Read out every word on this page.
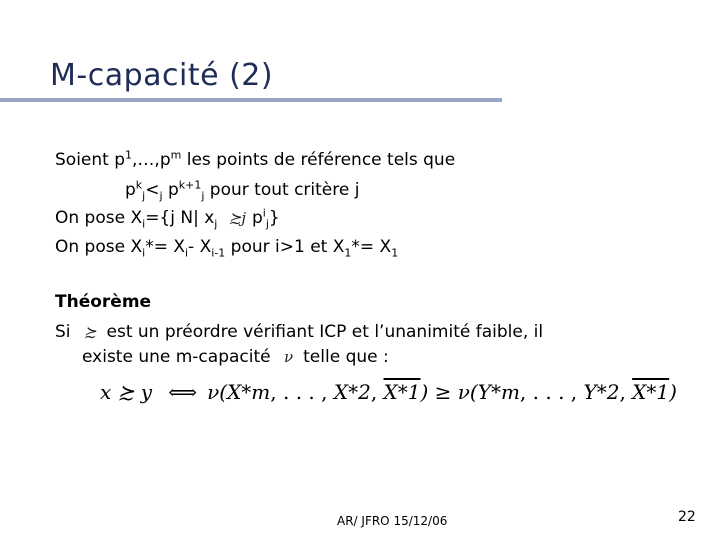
M-capacité (2)
Soient $p^1,\dots,p^m$ les points de référence tels que
$p^k_j<_j$ $p^{k+1}_j$ pour tout critère j
On pose $X_i=\{j$ N| $x_j$ ≿j $p^i_j$}
On pose $X_i*= X_i-$ $X_{i-1}$ pour i>1 et $X_1*= X_1$
Théorème
Si ≿ est un préordre vérifiant ICP et l’unanimité faible, il
existe une m-capacité ν telle que :
x ≿ y ⟺ ν(X*m, . . . , X*2, X*1) ≥ ν(Y*m, . . . , Y*2, X*1)
AR/ JFRO 15/12/06	22
